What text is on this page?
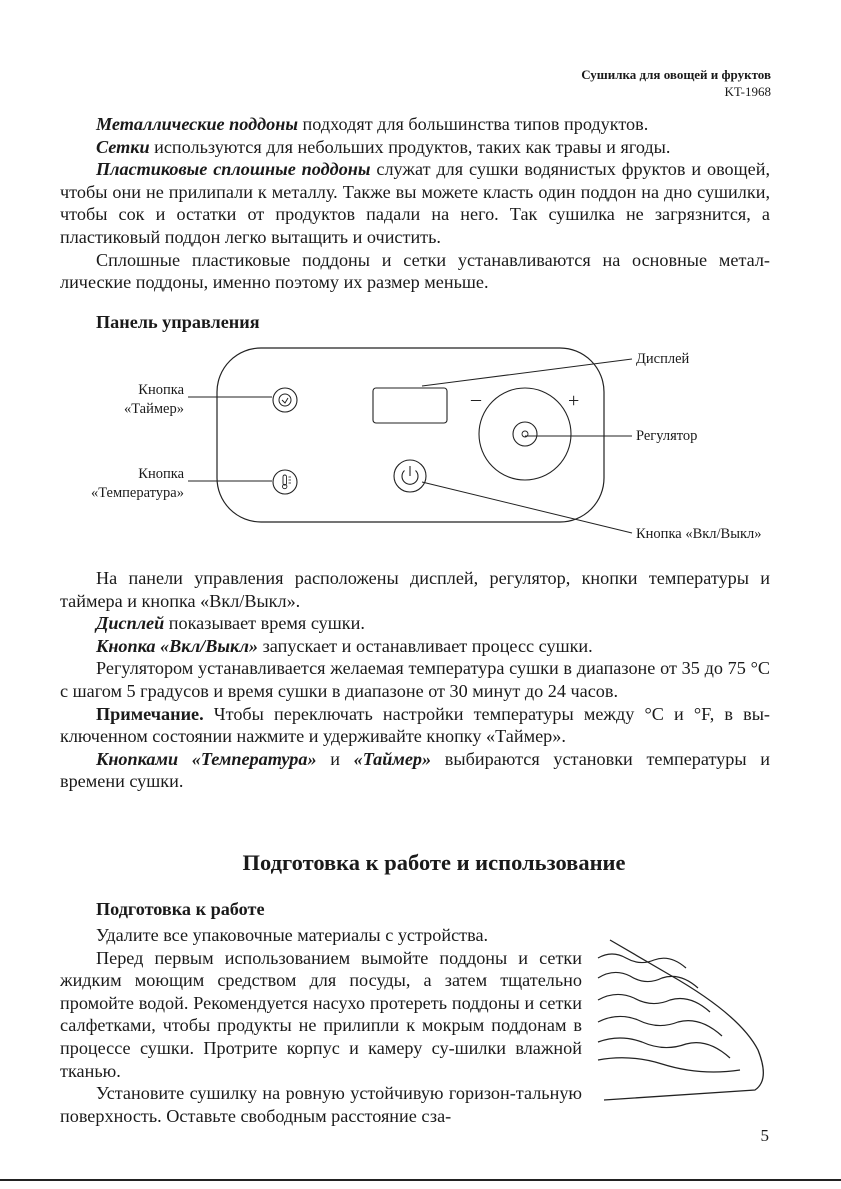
Сушилка для овощей и фруктов
KT-1968

Металлические поддоны подходят для большинства типов продуктов.

Сетки используются для небольших продуктов, таких как травы и ягоды.

Пластиковые сплошные поддоны служат для сушки водянистых фруктов и овощей, чтобы они не прилипали к металлу. Также вы можете класть один поддон на дно сушилки, чтобы сок и остатки от продуктов падали на него. Так сушилка не загрязнится, а пластиковый поддон легко вытащить и очистить.

Сплошные пластиковые поддоны и сетки устанавливаются на основные метал-лические поддоны, именно поэтому их размер меньше.

Панель управления
–	+
Кнопка
«Таймер»
Кнопка
«Температура»
Дисплей
Регулятор
Кнопка «Вкл/Выкл»

На панели управления расположены дисплей, регулятор, кнопки температуры и таймера и кнопка «Вкл/Выкл».

Дисплей показывает время сушки.

Кнопка «Вкл/Выкл» запускает и останавливает процесс сушки.

Регулятором устанавливается желаемая температура сушки в диапазоне от 35 до 75 °C с шагом 5 градусов и время сушки в диапазоне от 30 минут до 24 часов.

Примечание. Чтобы переключать настройки температуры между °C и °F, в вы-ключенном состоянии нажмите и удерживайте кнопку «Таймер».

Кнопками «Температура» и «Таймер» выбираются установки температуры и времени сушки.

Подготовка к работе и использование
Подготовка к работе

Удалите все упаковочные материалы с устройства.

Перед первым использованием вымойте поддоны и сетки жидким моющим средством для посуды, а затем тщательно промойте водой. Рекомендуется насухо протереть поддоны и сетки салфетками, чтобы продукты не прилипли к мокрым поддонам в процессе сушки. Протрите корпус и камеру су-шилки влажной тканью.

Установите сушилку на ровную устойчивую горизон-тальную поверхность. Оставьте свободным расстояние сза-

5
